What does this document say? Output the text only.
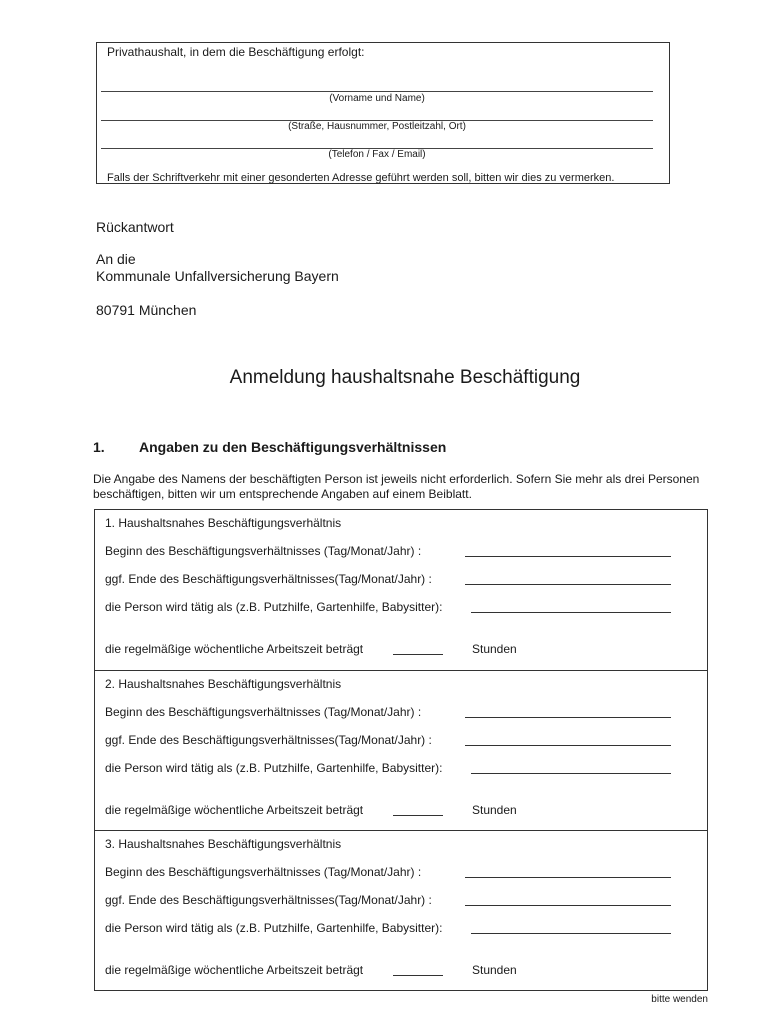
Privathaushalt, in dem die Beschäftigung erfolgt:
(Vorname und Name)
(Straße, Hausnummer, Postleitzahl, Ort)
(Telefon / Fax / Email)
Falls der Schriftverkehr mit einer gesonderten Adresse geführt werden soll, bitten wir dies zu vermerken.
Rückantwort
An die
Kommunale Unfallversicherung Bayern
80791 München
Anmeldung haushaltsnahe Beschäftigung
1. Angaben zu den Beschäftigungsverhältnissen
Die Angabe des Namens der beschäftigten Person ist jeweils nicht erforderlich. Sofern Sie mehr als drei Personen beschäftigen, bitten wir um entsprechende Angaben auf einem Beiblatt.
1. Haushaltsnahes Beschäftigungsverhältnis
Beginn des Beschäftigungsverhältnisses (Tag/Monat/Jahr) :
ggf. Ende des Beschäftigungsverhältnisses(Tag/Monat/Jahr) :
die Person wird tätig als (z.B. Putzhilfe, Gartenhilfe, Babysitter):
die regelmäßige wöchentliche Arbeitszeit beträgt	Stunden
2. Haushaltsnahes Beschäftigungsverhältnis
Beginn des Beschäftigungsverhältnisses (Tag/Monat/Jahr) :
ggf. Ende des Beschäftigungsverhältnisses(Tag/Monat/Jahr) :
die Person wird tätig als (z.B. Putzhilfe, Gartenhilfe, Babysitter):
die regelmäßige wöchentliche Arbeitszeit beträgt	Stunden
3. Haushaltsnahes Beschäftigungsverhältnis
Beginn des Beschäftigungsverhältnisses (Tag/Monat/Jahr) :
ggf. Ende des Beschäftigungsverhältnisses(Tag/Monat/Jahr) :
die Person wird tätig als (z.B. Putzhilfe, Gartenhilfe, Babysitter):
die regelmäßige wöchentliche Arbeitszeit beträgt	Stunden
bitte wenden
